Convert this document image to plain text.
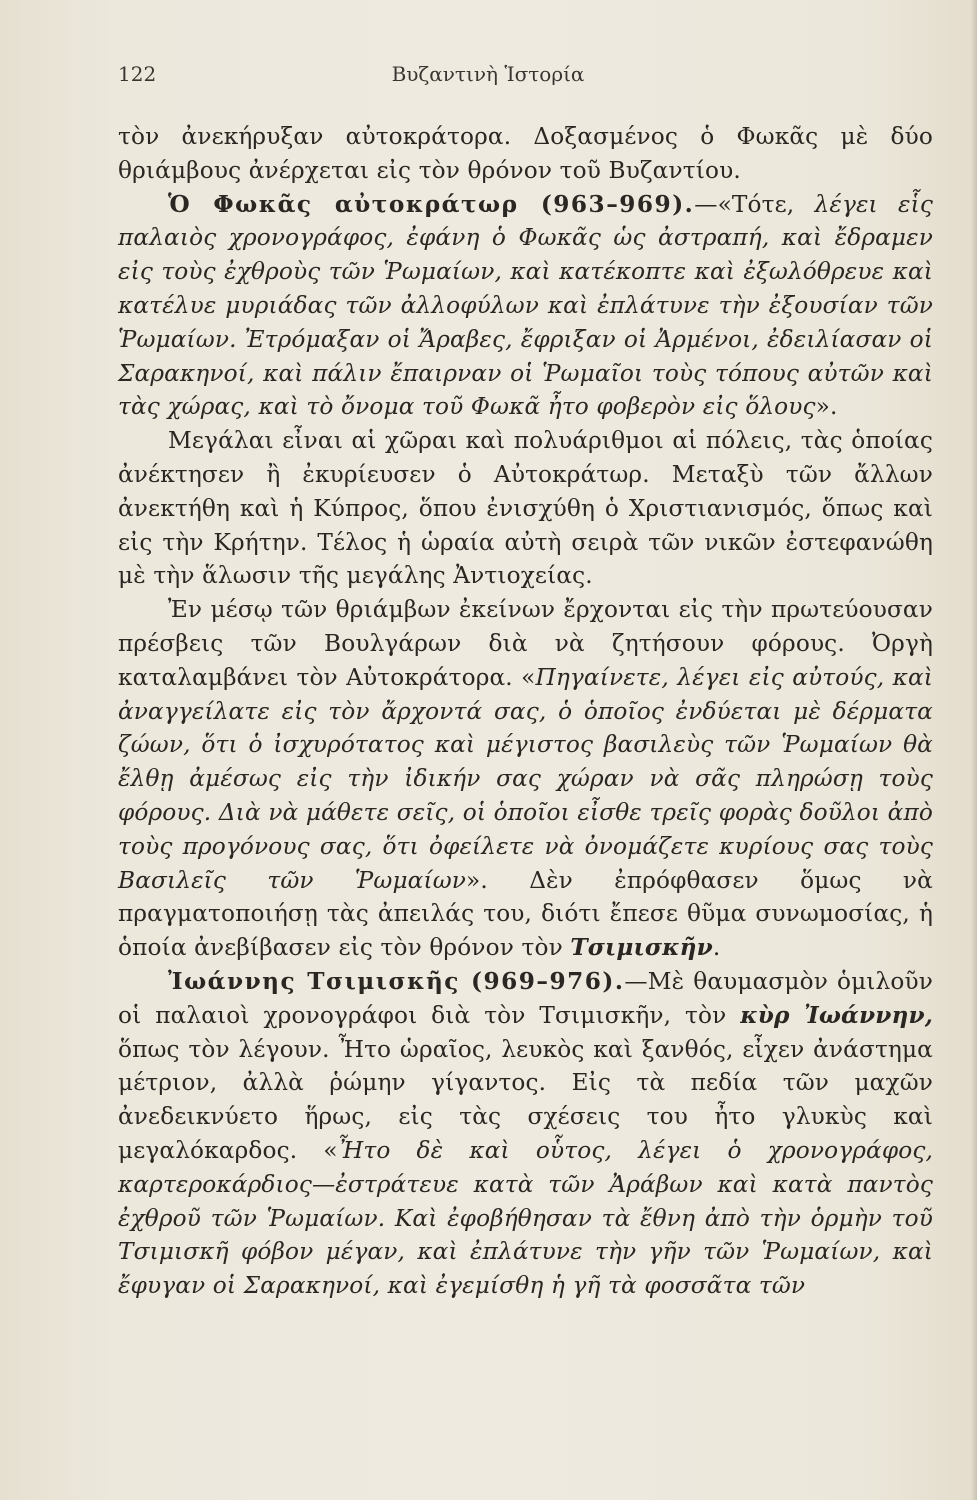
122	Βυζαντινὴ Ἱστορία

τὸν ἀνεκήρυξαν αὐτοκράτορα. Δοξασμένος ὁ Φωκᾶς μὲ δύο θριάμβους ἀνέρχεται εἰς τὸν θρόνον τοῦ Βυζαντίου.

Ὁ Φωκᾶς αὐτοκράτωρ (963–969).—«Τότε, λέγει εἷς παλαιὸς χρονογράφος, ἐφάνη ὁ Φωκᾶς ὡς ἀστραπή, καὶ ἔδραμεν εἰς τοὺς ἐχθροὺς τῶν Ῥωμαίων, καὶ κατέκοπτε καὶ ἐξωλόθρευε καὶ κατέλυε μυριάδας τῶν ἀλλοφύλων καὶ ἐπλάτυνε τὴν ἐξουσίαν τῶν Ῥωμαίων. Ἐτρόμαξαν οἱ Ἄραβες, ἔφριξαν οἱ Ἀρμένοι, ἐδειλίασαν οἱ Σαρακηνοί, καὶ πάλιν ἔπαιρναν οἱ Ῥωμαῖοι τοὺς τόπους αὐτῶν καὶ τὰς χώρας, καὶ τὸ ὄνομα τοῦ Φωκᾶ ἦτο φοβερὸν εἰς ὅλους».

Μεγάλαι εἶναι αἱ χῶραι καὶ πολυάριθμοι αἱ πόλεις, τὰς ὁποίας ἀνέκτησεν ἢ ἐκυρίευσεν ὁ Αὐτοκράτωρ. Μεταξὺ τῶν ἄλλων ἀνεκτήθη καὶ ἡ Κύπρος, ὅπου ἐνισχύθη ὁ Χριστιανισμός, ὅπως καὶ εἰς τὴν Κρήτην. Τέλος ἡ ὡραία αὐτὴ σειρὰ τῶν νικῶν ἐστεφανώθη μὲ τὴν ἅλωσιν τῆς μεγάλης Ἀντιοχείας.

Ἐν μέσῳ τῶν θριάμβων ἐκείνων ἔρχονται εἰς τὴν πρωτεύουσαν πρέσβεις τῶν Βουλγάρων διὰ νὰ ζητήσουν φόρους. Ὀργὴ καταλαμβάνει τὸν Αὐτοκράτορα. «Πηγαίνετε, λέγει εἰς αὐτούς, καὶ ἀναγγείλατε εἰς τὸν ἄρχοντά σας, ὁ ὁποῖος ἐνδύεται μὲ δέρματα ζώων, ὅτι ὁ ἰσχυρότατος καὶ μέγιστος βασιλεὺς τῶν Ῥωμαίων θὰ ἔλθῃ ἀμέσως εἰς τὴν ἰδικήν σας χώραν νὰ σᾶς πληρώσῃ τοὺς φόρους. Διὰ νὰ μάθετε σεῖς, οἱ ὁποῖοι εἶσθε τρεῖς φορὰς δοῦλοι ἀπὸ τοὺς προγόνους σας, ὅτι ὀφείλετε νὰ ὀνομάζετε κυρίους σας τοὺς Βασιλεῖς τῶν Ῥωμαίων». Δὲν ἐπρόφθασεν ὅμως νὰ πραγματοποιήσῃ τὰς ἀπειλάς του, διότι ἔπεσε θῦμα συνωμοσίας, ἡ ὁποία ἀνεβίβασεν εἰς τὸν θρόνον τὸν Τσιμισκῆν.

Ἰωάννης Τσιμισκῆς (969–976).—Μὲ θαυμασμὸν ὁμιλοῦν οἱ παλαιοὶ χρονογράφοι διὰ τὸν Τσιμισκῆν, τὸν κὺρ Ἰωάννην, ὅπως τὸν λέγουν. Ἦτο ὡραῖος, λευκὸς καὶ ξανθός, εἶχεν ἀνάστημα μέτριον, ἀλλὰ ῥώμην γίγαντος. Εἰς τὰ πεδία τῶν μαχῶν ἀνεδεικνύετο ἥρως, εἰς τὰς σχέσεις του ἦτο γλυκὺς καὶ μεγαλόκαρδος. «Ἦτο δὲ καὶ οὗτος, λέγει ὁ χρονογράφος, καρτεροκάρδιος—ἐστράτευε κατὰ τῶν Ἀράβων καὶ κατὰ παντὸς ἐχθροῦ τῶν Ῥωμαίων. Καὶ ἐφοβήθησαν τὰ ἔθνη ἀπὸ τὴν ὁρμὴν τοῦ Τσιμισκῆ φόβον μέγαν, καὶ ἐπλάτυνε τὴν γῆν τῶν Ῥωμαίων, καὶ ἔφυγαν οἱ Σαρακηνοί, καὶ ἐγεμίσθη ἡ γῆ τὰ φοσσᾶτα τῶν
